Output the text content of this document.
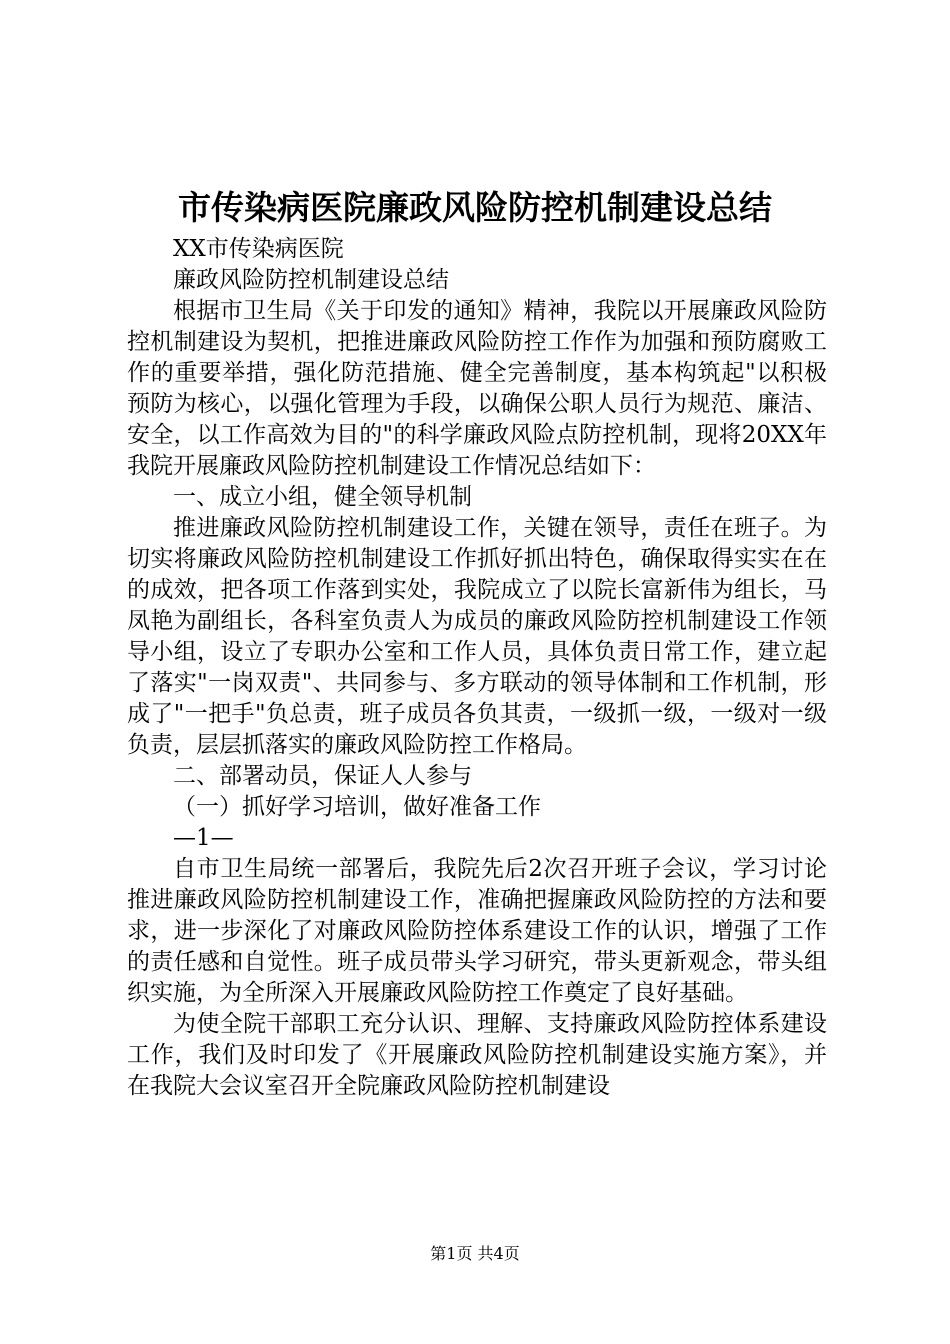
市传染病医院廉政风险防控机制建设总结

XX市传染病医院

廉政风险防控机制建设总结

根据市卫生局《关于印发的通知》精神，我院以开展廉政风险防控机制建设为契机，把推进廉政风险防控工作作为加强和预防腐败工作的重要举措，强化防范措施、健全完善制度，基本构筑起"以积极预防为核心，以强化管理为手段，以确保公职人员行为规范、廉洁、安全，以工作高效为目的"的科学廉政风险点防控机制，现将20XX年我院开展廉政风险防控机制建设工作情况总结如下：

一、成立小组，健全领导机制

推进廉政风险防控机制建设工作，关键在领导，责任在班子。为切实将廉政风险防控机制建设工作抓好抓出特色，确保取得实实在在的成效，把各项工作落到实处，我院成立了以院长富新伟为组长，马凤艳为副组长，各科室负责人为成员的廉政风险防控机制建设工作领导小组，设立了专职办公室和工作人员，具体负责日常工作，建立起了落实"一岗双责"、共同参与、多方联动的领导体制和工作机制，形成了"一把手"负总责，班子成员各负其责，一级抓一级，一级对一级负责，层层抓落实的廉政风险防控工作格局。

二、部署动员，保证人人参与

（一）抓好学习培训，做好准备工作

—1—

自市卫生局统一部署后，我院先后2次召开班子会议，学习讨论推进廉政风险防控机制建设工作，准确把握廉政风险防控的方法和要求，进一步深化了对廉政风险防控体系建设工作的认识，增强了工作的责任感和自觉性。班子成员带头学习研究，带头更新观念，带头组织实施，为全所深入开展廉政风险防控工作奠定了良好基础。

为使全院干部职工充分认识、理解、支持廉政风险防控体系建设工作，我们及时印发了《开展廉政风险防控机制建设实施方案》，并在我院大会议室召开全院廉政风险防控机制建设

第1页 共4页
